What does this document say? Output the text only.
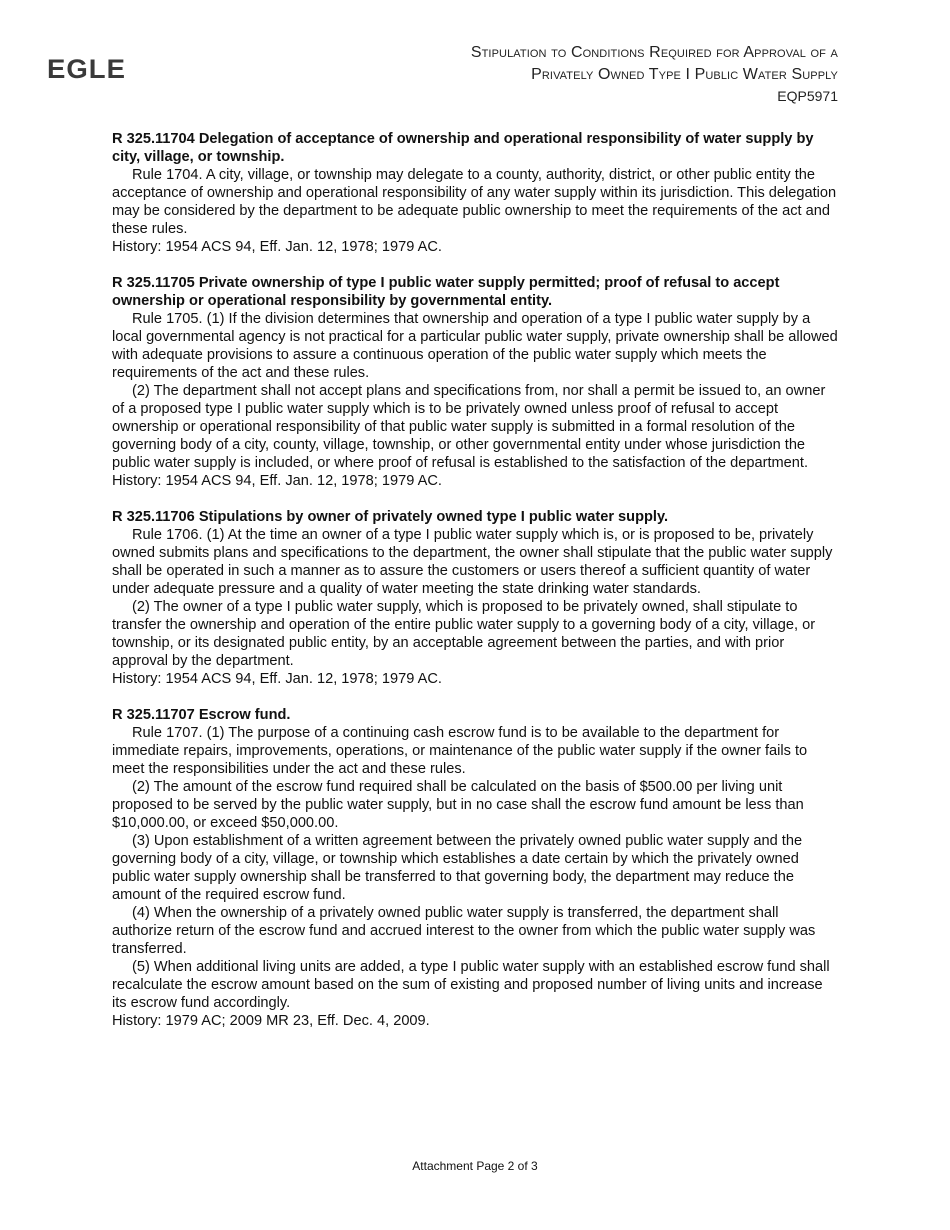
EGLE
Stipulation to Conditions Required for Approval of a
Privately Owned Type I Public Water Supply
EQP5971
R 325.11704 Delegation of acceptance of ownership and operational responsibility of water supply by city, village, or township.
Rule 1704. A city, village, or township may delegate to a county, authority, district, or other public entity the acceptance of ownership and operational responsibility of any water supply within its jurisdiction. This delegation may be considered by the department to be adequate public ownership to meet the requirements of the act and these rules.
History: 1954 ACS 94, Eff. Jan. 12, 1978; 1979 AC.
R 325.11705 Private ownership of type I public water supply permitted; proof of refusal to accept ownership or operational responsibility by governmental entity.
Rule 1705. (1) If the division determines that ownership and operation of a type I public water supply by a local governmental agency is not practical for a particular public water supply, private ownership shall be allowed with adequate provisions to assure a continuous operation of the public water supply which meets the requirements of the act and these rules.
(2) The department shall not accept plans and specifications from, nor shall a permit be issued to, an owner of a proposed type I public water supply which is to be privately owned unless proof of refusal to accept ownership or operational responsibility of that public water supply is submitted in a formal resolution of the governing body of a city, county, village, township, or other governmental entity under whose jurisdiction the public water supply is included, or where proof of refusal is established to the satisfaction of the department.
History: 1954 ACS 94, Eff. Jan. 12, 1978; 1979 AC.
R 325.11706 Stipulations by owner of privately owned type I public water supply.
Rule 1706. (1) At the time an owner of a type I public water supply which is, or is proposed to be, privately owned submits plans and specifications to the department, the owner shall stipulate that the public water supply shall be operated in such a manner as to assure the customers or users thereof a sufficient quantity of water under adequate pressure and a quality of water meeting the state drinking water standards.
(2) The owner of a type I public water supply, which is proposed to be privately owned, shall stipulate to transfer the ownership and operation of the entire public water supply to a governing body of a city, village, or township, or its designated public entity, by an acceptable agreement between the parties, and with prior approval by the department.
History: 1954 ACS 94, Eff. Jan. 12, 1978; 1979 AC.
R 325.11707 Escrow fund.
Rule 1707. (1) The purpose of a continuing cash escrow fund is to be available to the department for immediate repairs, improvements, operations, or maintenance of the public water supply if the owner fails to meet the responsibilities under the act and these rules.
(2) The amount of the escrow fund required shall be calculated on the basis of $500.00 per living unit proposed to be served by the public water supply, but in no case shall the escrow fund amount be less than $10,000.00, or exceed $50,000.00.
(3) Upon establishment of a written agreement between the privately owned public water supply and the governing body of a city, village, or township which establishes a date certain by which the privately owned public water supply ownership shall be transferred to that governing body, the department may reduce the amount of the required escrow fund.
(4) When the ownership of a privately owned public water supply is transferred, the department shall authorize return of the escrow fund and accrued interest to the owner from which the public water supply was transferred.
(5) When additional living units are added, a type I public water supply with an established escrow fund shall recalculate the escrow amount based on the sum of existing and proposed number of living units and increase its escrow fund accordingly.
History: 1979 AC; 2009 MR 23, Eff. Dec. 4, 2009.
Attachment Page 2 of 3
